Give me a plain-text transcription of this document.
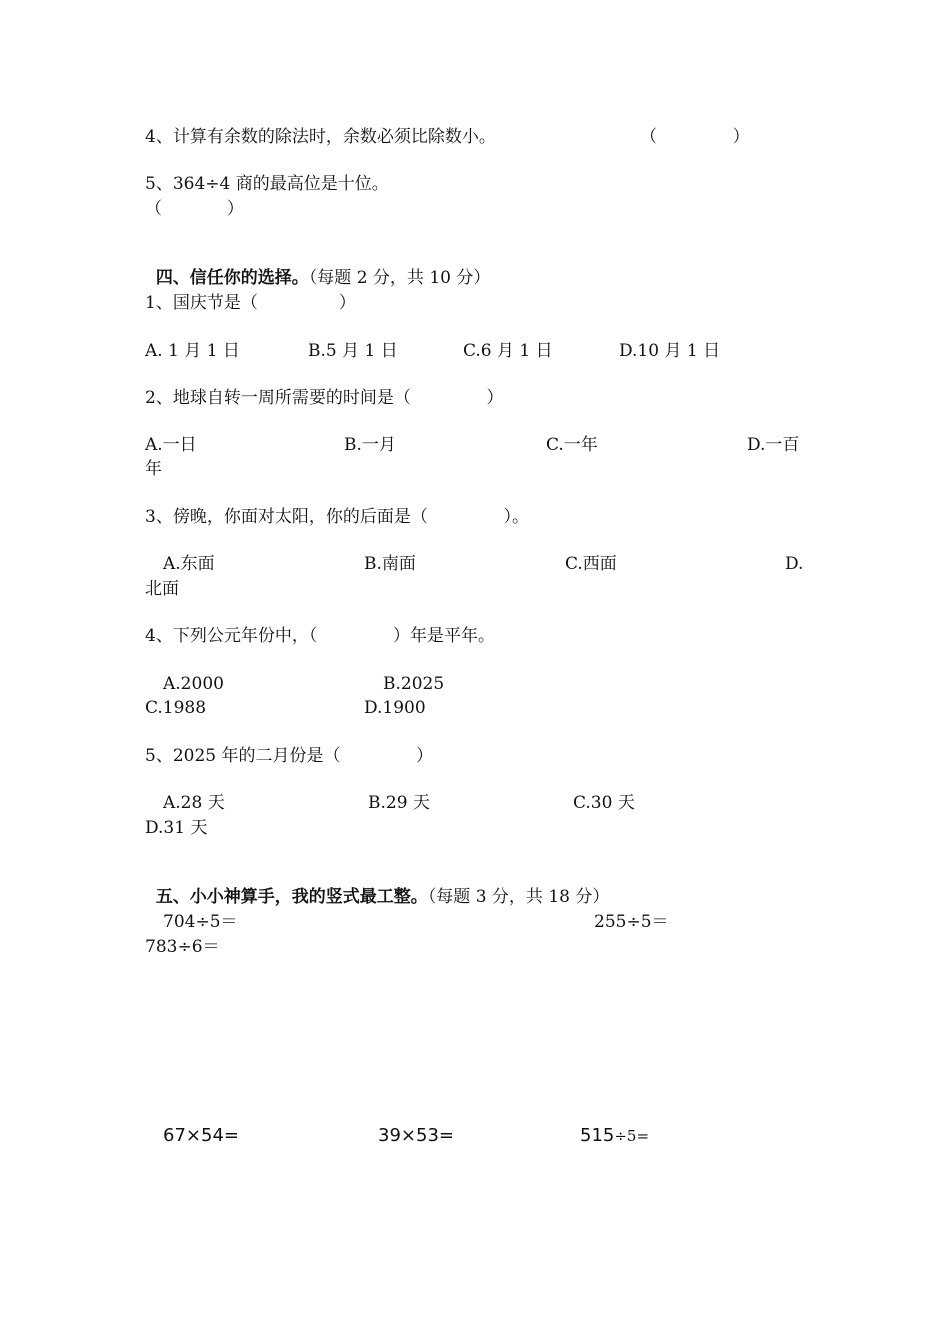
4、计算有余数的除法时，余数必须比除数小。	（              ）
5、364÷4 商的最高位是十位。
（            ）

四、信任你的选择。（每题 2 分，共 10 分）

1、国庆节是（               ）
A. 1 月 1 日	B.5 月 1 日	C.6 月 1 日	D.10 月 1 日
2、地球自转一周所需要的时间是（              ）
A.一日	B.一月	C.一年	D.一百
年
3、傍晚，你面对太阳，你的后面是（              ）。
A.东面	B.南面	C.西面	D.
北面
4、下列公元年份中，（              ）年是平年。
A.2000	B.2025
C.1988	D.1900
5、2025 年的二月份是（              ）
A.28 天	B.29 天	C.30 天
D.31 天

五、小小神算手，我的竖式最工整。（每题 3 分，共 18 分）

704÷5＝	255÷5＝
783÷6＝
67×54=	39×53=	515÷5=
